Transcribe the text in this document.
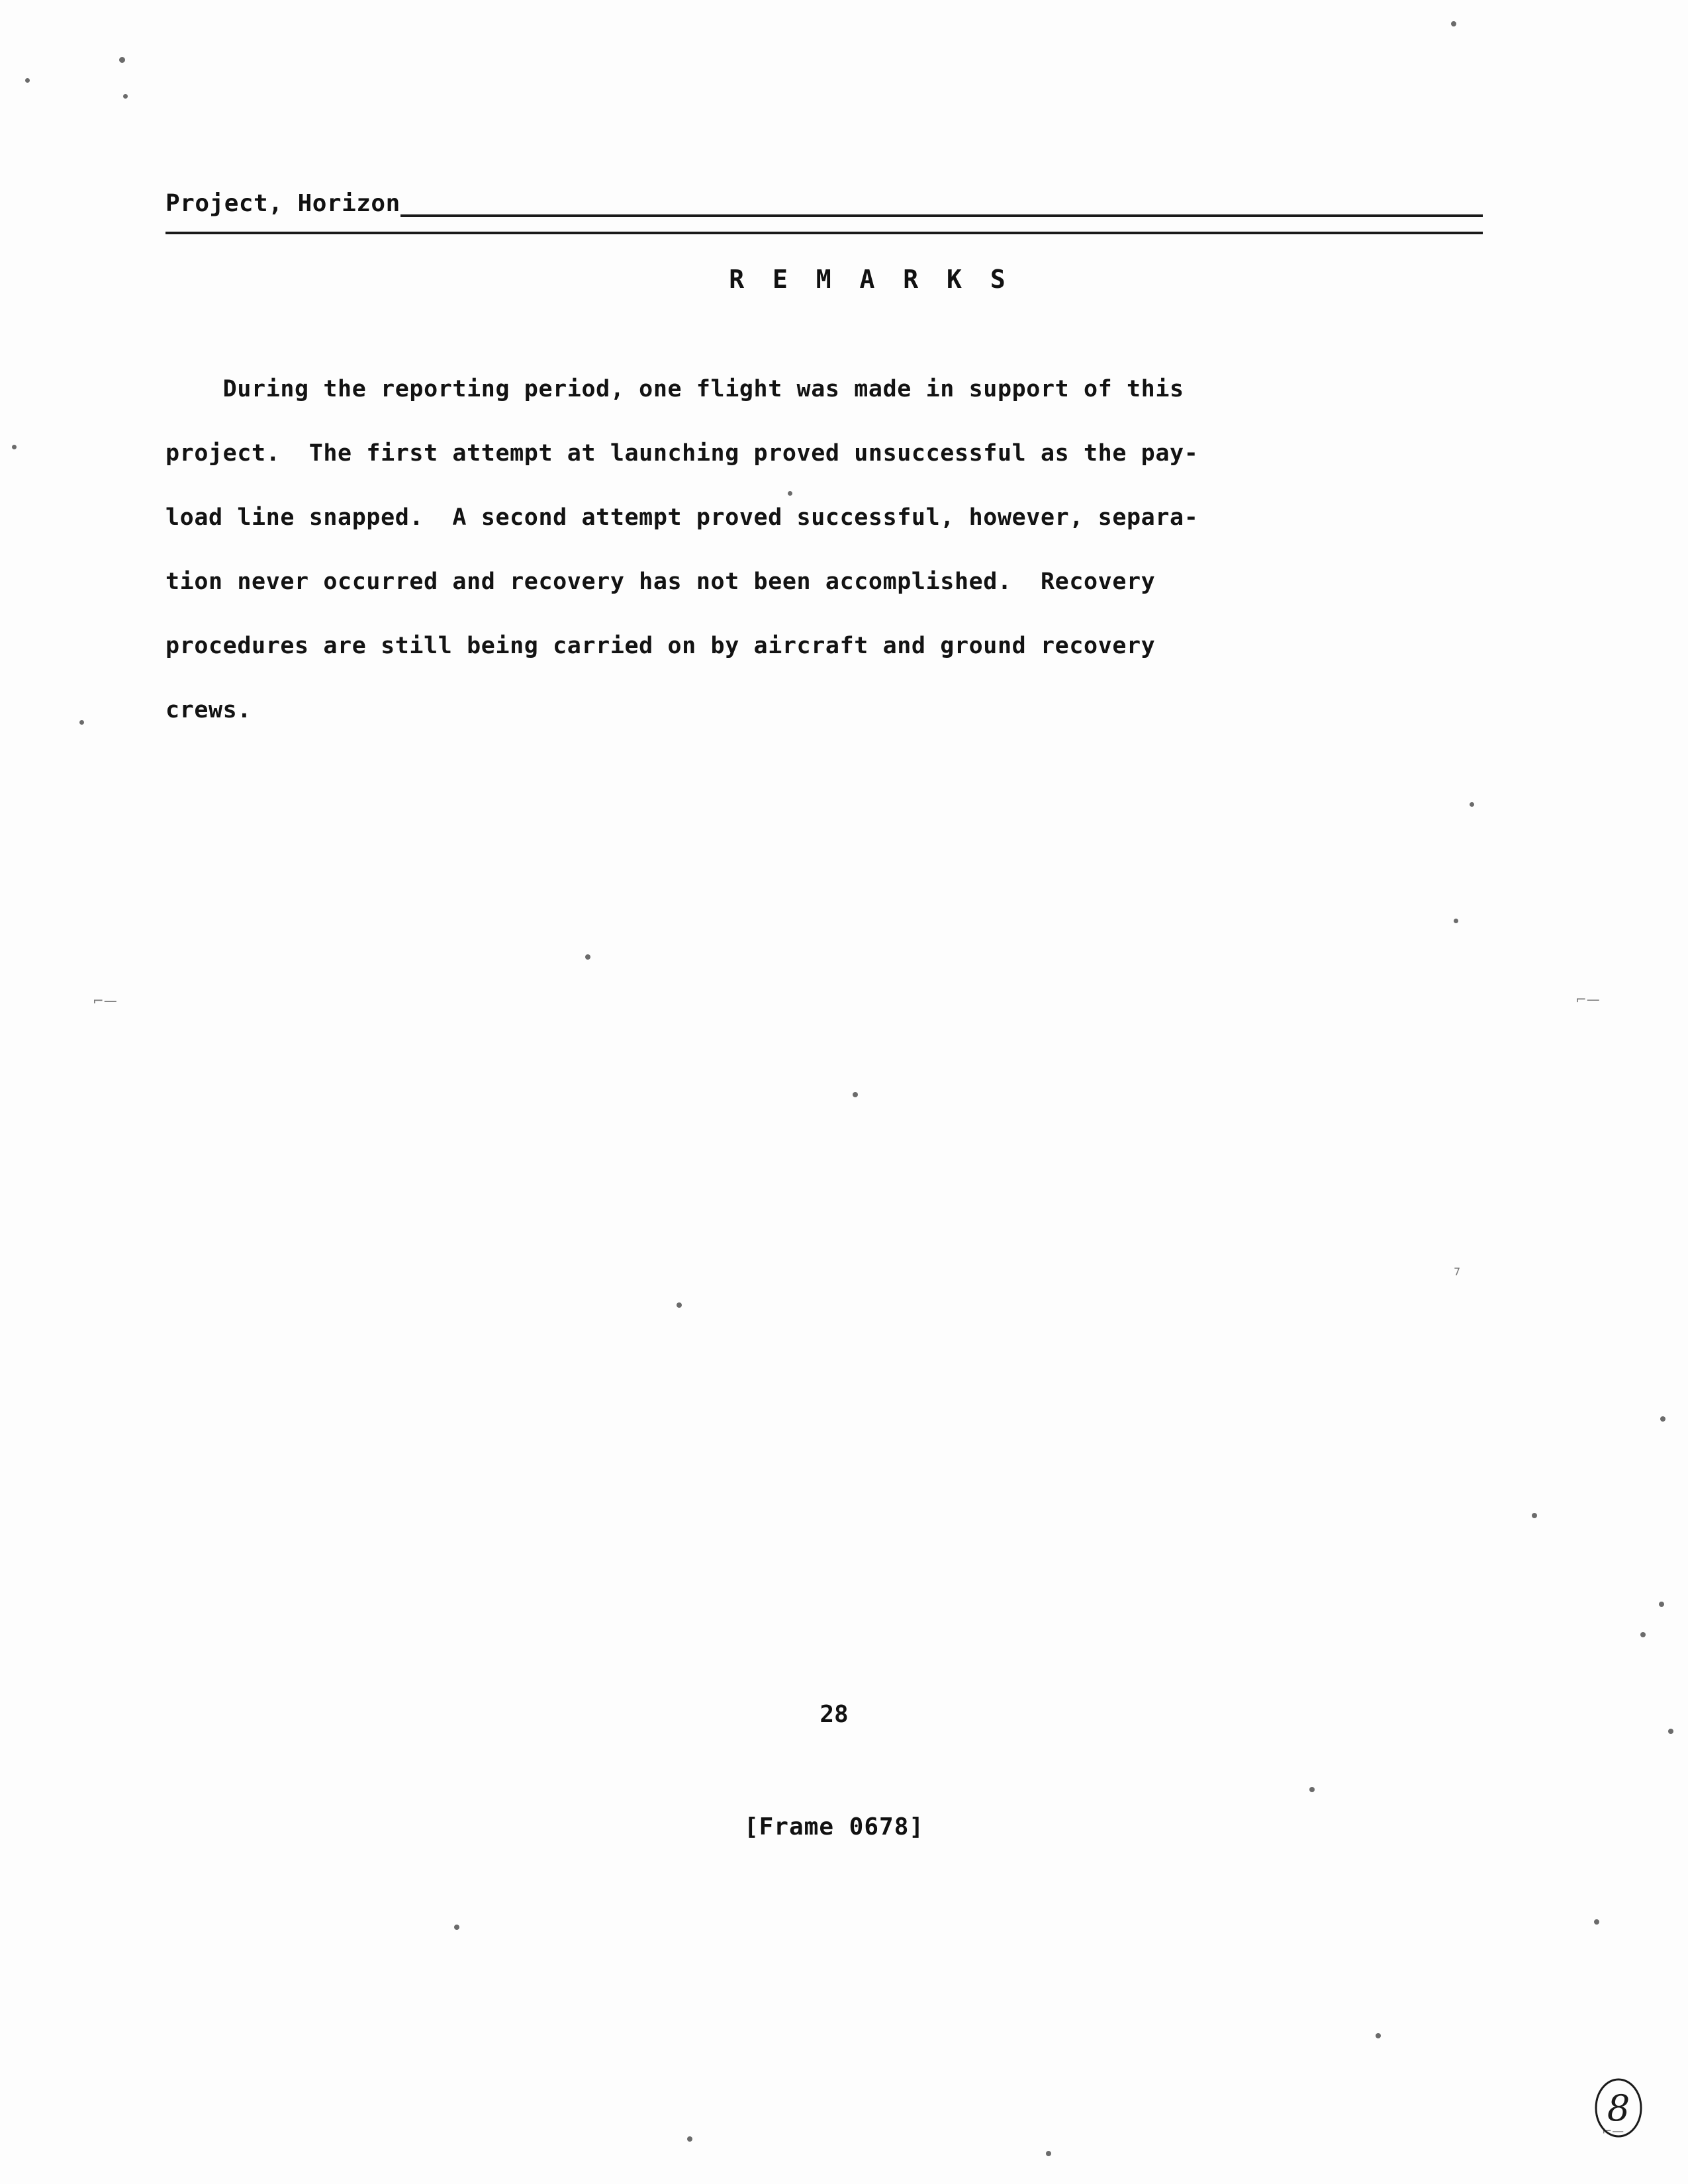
⌐—	⌐—
7
⌐—
Project, Horizon
R E M A R K S
During the reporting period, one flight was made in support of this
project.  The first attempt at launching proved unsuccessful as the pay-
load line snapped.  A second attempt proved successful, however, separa-
tion never occurred and recovery has not been accomplished.  Recovery
procedures are still being carried on by aircraft and ground recovery
crews.
28
[Frame 0678]
8
